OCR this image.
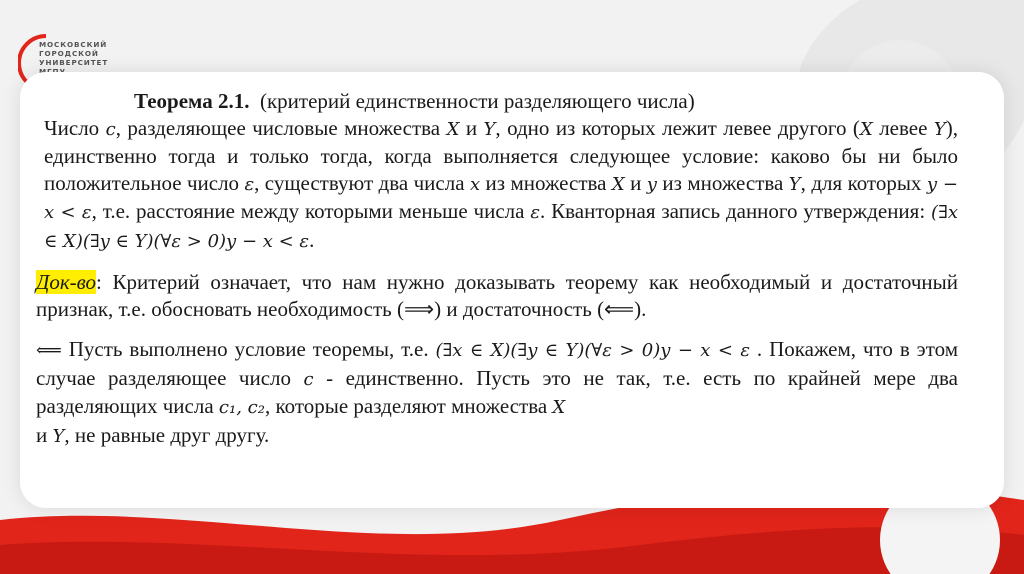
МОСКОВСКИЙ
ГОРОДСКОЙ
УНИВЕРСИТЕТ

Теорема 2.1. (критерий единственности разделяющего числа)
Число c, разделяющее числовые множества X и Y, одно из которых лежит левее другого (X левее Y), единственно тогда и только тогда, когда выполняется следующее условие: каково бы ни было положительное число ε, существуют два числа x из множества X и y из множества Y, для которых y − x < ε, т.е. расстояние между которыми меньше числа ε. Кванторная запись данного утверждения: (∃x ∈ X)(∃y ∈ Y)(∀ε > 0)y − x < ε.

Док-во: Критерий означает, что нам нужно доказывать теорему как необходимый и достаточный признак, т.е. обосновать необходимость (⟹) и достаточность (⟸).

⟸ Пусть выполнено условие теоремы, т.е. (∃x ∈ X)(∃y ∈ Y)(∀ε > 0)y − x < ε . Покажем, что в этом случае разделяющее число c - единственно. Пусть это не так, т.е. есть по крайней мере два разделяющих числа c₁, c₂, которые разделяют множества X
и Y, не равные друг другу.
